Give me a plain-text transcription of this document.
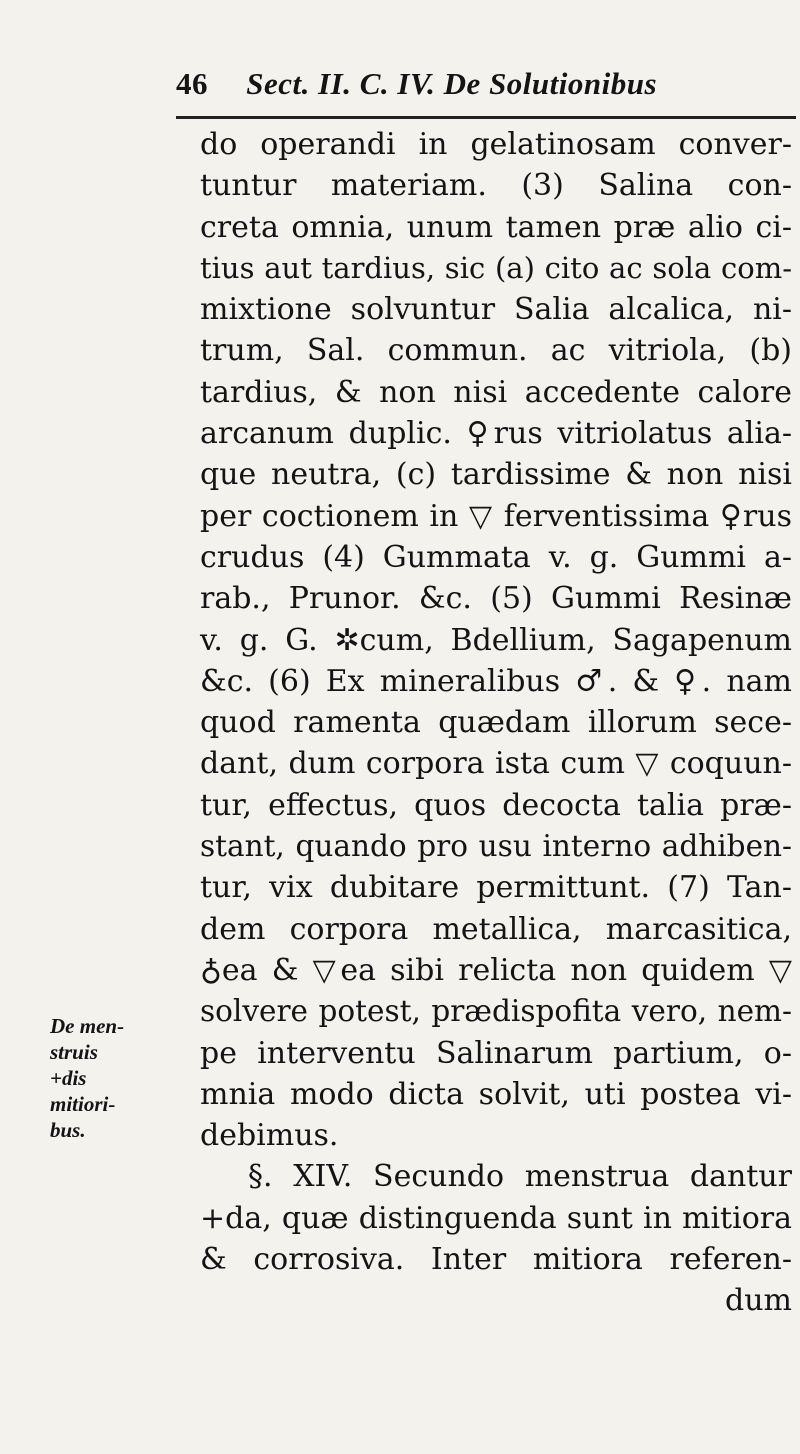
46 Sect. II. C. IV. De Solutionibus
do operandi in gelatinosam conver-
tuntur materiam. (3) Salina con-
creta omnia, unum tamen præ alio ci-
tius aut tardius, sic (a) cito ac sola com-
mixtione solvuntur Salia alcalica, ni-
trum, Sal. commun. ac vitriola, (b)
tardius, & non nisi accedente calore
arcanum duplic. ♀rus vitriolatus alia-
que neutra, (c) tardissime & non nisi
per coctionem in ▽ ferventissima ♀rus
crudus (4) Gummata v. g. Gummi a-
rab., Prunor. &c. (5) Gummi Resinæ
v. g. G. ✲cum, Bdellium, Sagapenum
&c. (6) Ex mineralibus ♂. & ♀. nam
quod ramenta quædam illorum sece-
dant, dum corpora ista cum ▽ coquun-
tur, effectus, quos decocta talia præ-
stant, quando pro usu interno adhiben-
tur, vix dubitare permittunt. (7) Tan-
dem corpora metallica, marcasitica,
♁ea & ▽ea sibi relicta non quidem ▽
solvere potest, prædispofita vero, nem-
pe interventu Salinarum partium, o-
mnia modo dicta solvit, uti postea vi-
debimus.
§. XIV. Secundo menstrua dantur
+da, quæ distinguenda sunt in mitiora
& corrosiva. Inter mitiora referen-
dum
De men-
struis
+dis
mitiori-
bus.
